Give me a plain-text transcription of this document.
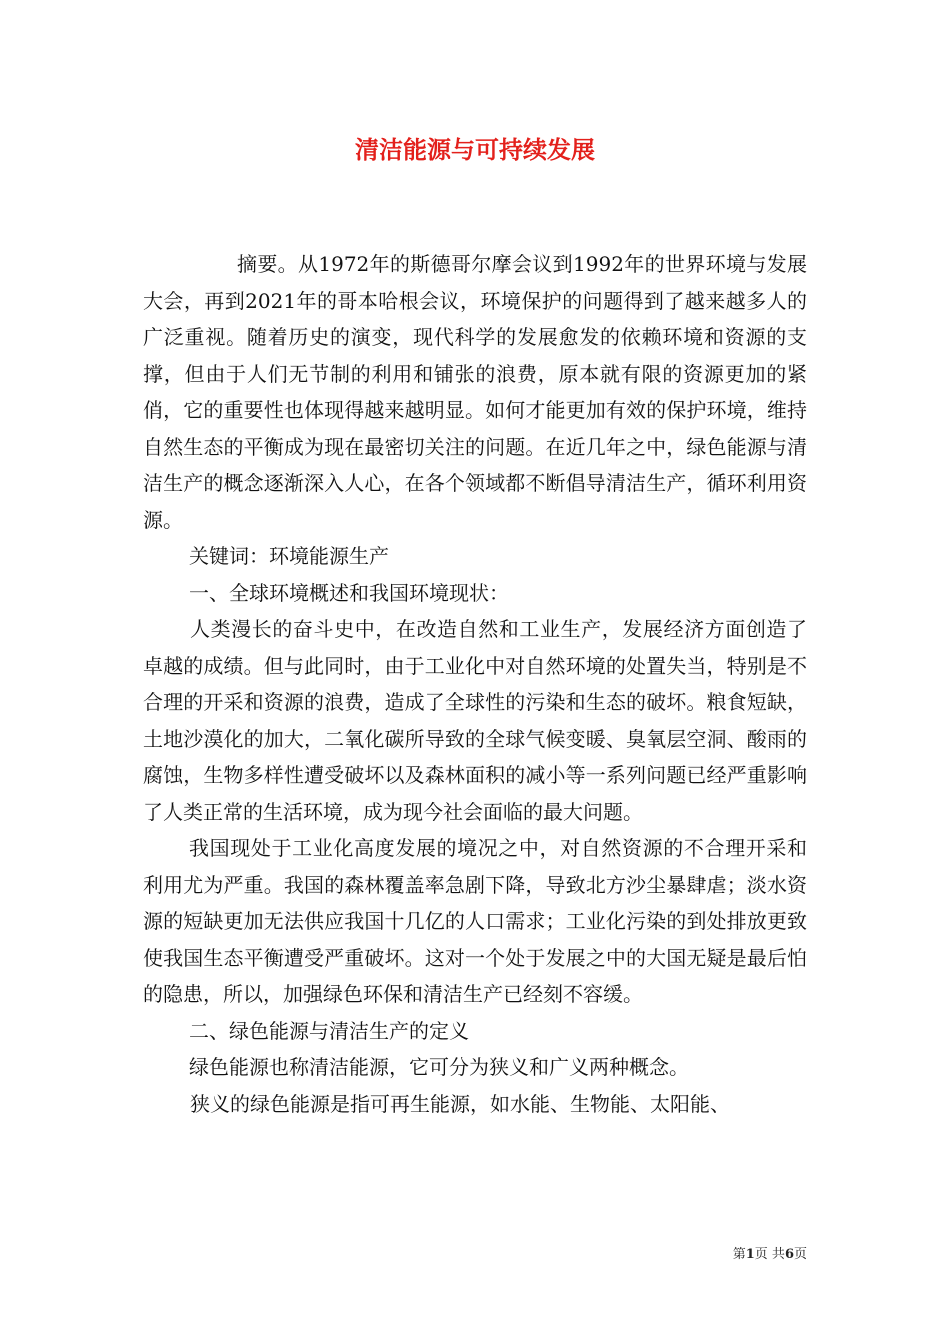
清洁能源与可持续发展

摘要。从1972年的斯德哥尔摩会议到1992年的世界环境与发展大会，再到2021年的哥本哈根会议，环境保护的问题得到了越来越多人的广泛重视。随着历史的演变，现代科学的发展愈发的依赖环境和资源的支撑，但由于人们无节制的利用和铺张的浪费，原本就有限的资源更加的紧俏，它的重要性也体现得越来越明显。如何才能更加有效的保护环境，维持自然生态的平衡成为现在最密切关注的问题。在近几年之中，绿色能源与清洁生产的概念逐渐深入人心，在各个领域都不断倡导清洁生产，循环利用资源。

关键词：环境能源生产

一、全球环境概述和我国环境现状：

人类漫长的奋斗史中，在改造自然和工业生产，发展经济方面创造了卓越的成绩。但与此同时，由于工业化中对自然环境的处置失当，特别是不合理的开采和资源的浪费，造成了全球性的污染和生态的破坏。粮食短缺，土地沙漠化的加大，二氧化碳所导致的全球气候变暖、臭氧层空洞、酸雨的腐蚀，生物多样性遭受破坏以及森林面积的减小等一系列问题已经严重影响了人类正常的生活环境，成为现今社会面临的最大问题。

我国现处于工业化高度发展的境况之中，对自然资源的不合理开采和利用尤为严重。我国的森林覆盖率急剧下降，导致北方沙尘暴肆虐；淡水资源的短缺更加无法供应我国十几亿的人口需求；工业化污染的到处排放更致使我国生态平衡遭受严重破坏。这对一个处于发展之中的大国无疑是最后怕的隐患，所以，加强绿色环保和清洁生产已经刻不容缓。

二、绿色能源与清洁生产的定义

绿色能源也称清洁能源，它可分为狭义和广义两种概念。

狭义的绿色能源是指可再生能源，如水能、生物能、太阳能、

第1页 共6页
